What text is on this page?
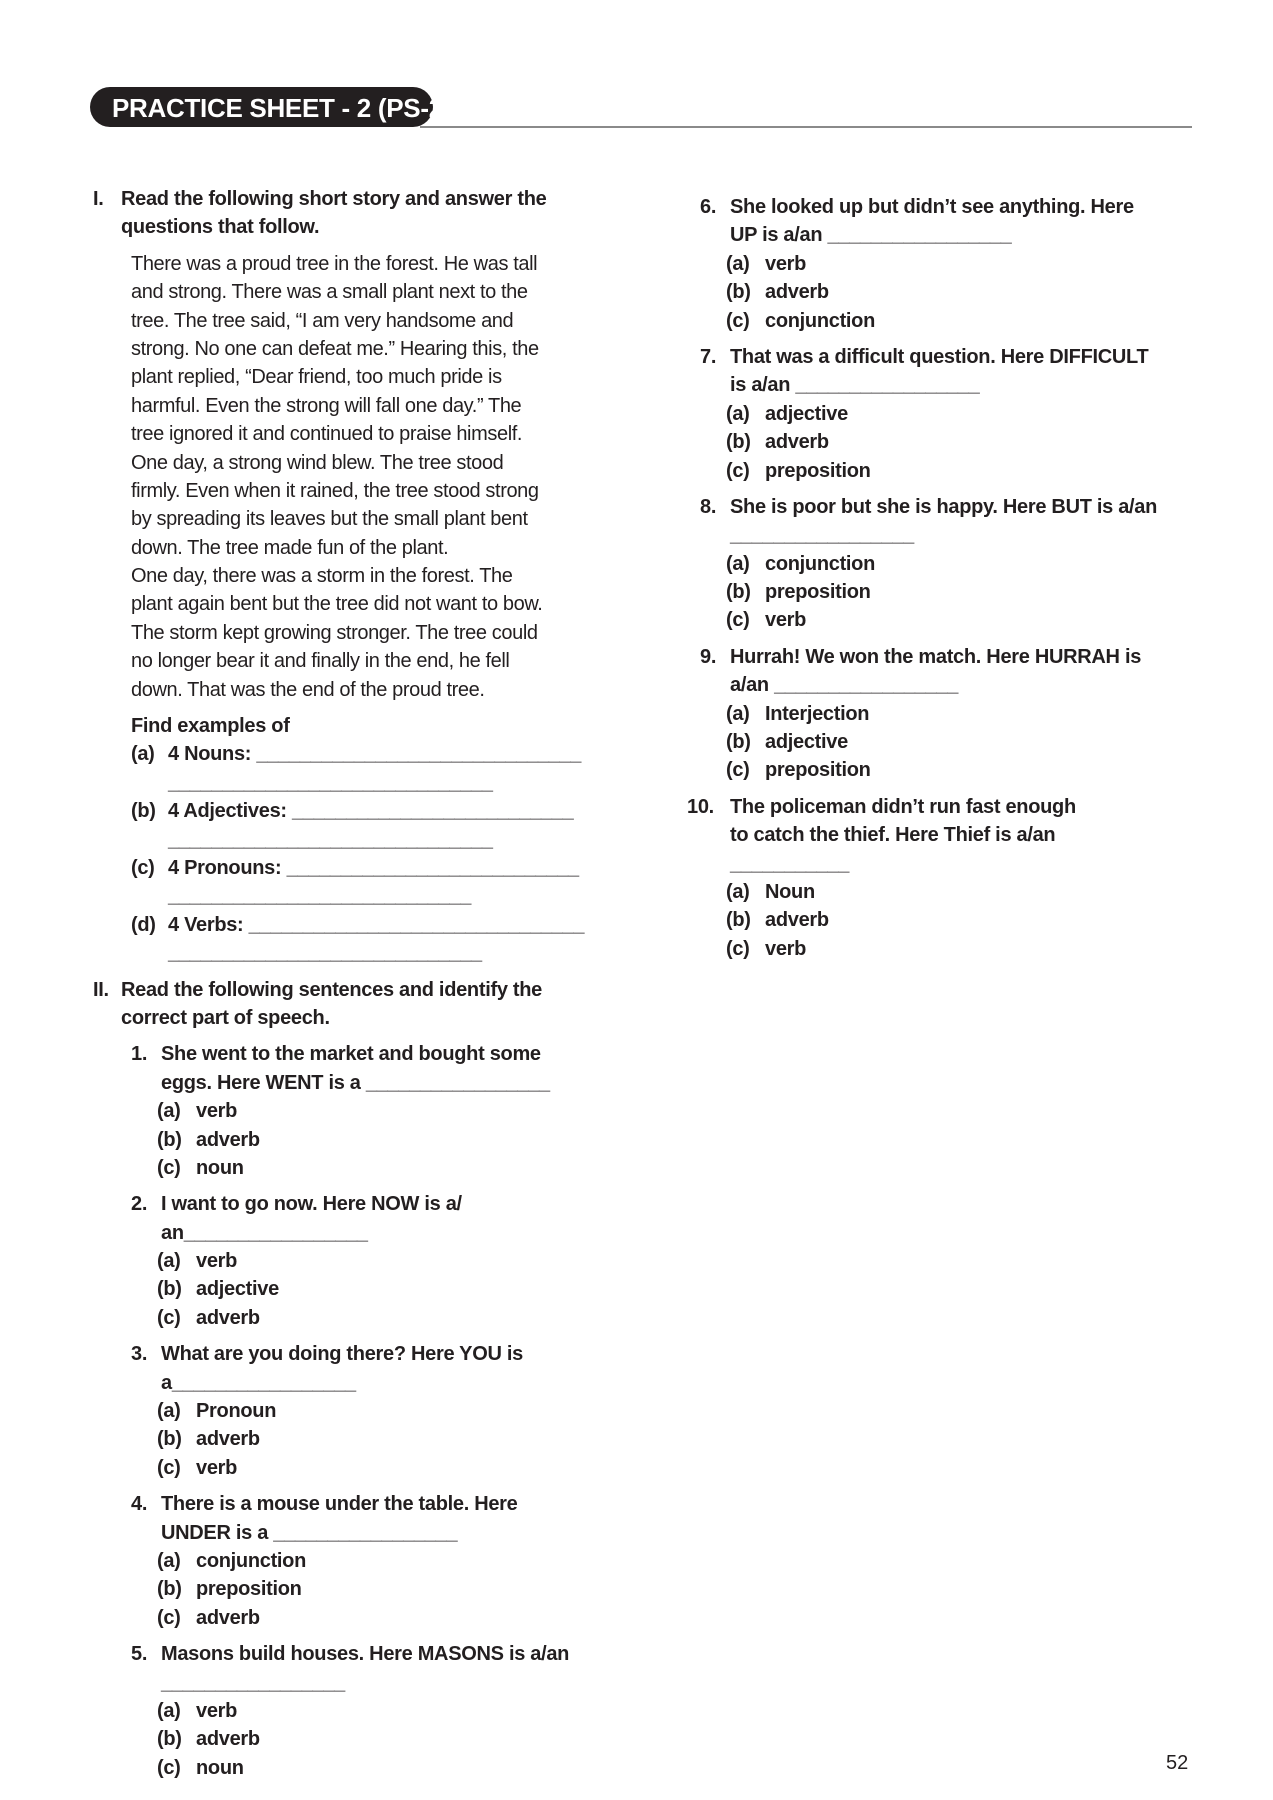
PRACTICE SHEET - 2 (PS-2)
I. Read the following short story and answer the
questions that follow.
There was a proud tree in the forest. He was tall
and strong. There was a small plant next to the
tree. The tree said, “I am very handsome and
strong. No one can defeat me.” Hearing this, the
plant replied, “Dear friend, too much pride is
harmful. Even the strong will fall one day.” The
tree ignored it and continued to praise himself.
One day, a strong wind blew. The tree stood
firmly. Even when it rained, the tree stood strong
by spreading its leaves but the small plant bent
down. The tree made fun of the plant.
One day, there was a storm in the forest. The
plant again bent but the tree did not want to bow.
The storm kept growing stronger. The tree could
no longer bear it and finally in the end, he fell
down. That was the end of the proud tree.
Find examples of
(a) 4 Nouns: ______________________________
______________________________
(b) 4 Adjectives: __________________________
______________________________
(c) 4 Pronouns: ___________________________
____________________________
(d) 4 Verbs: _______________________________
_____________________________
II. Read the following sentences and identify the
correct part of speech.
1. She went to the market and bought some
eggs. Here WENT is a _________________
(a) verb
(b) adverb
(c) noun
2. I want to go now. Here NOW is a/
an_________________
(a) verb
(b) adjective
(c) adverb
3. What are you doing there? Here YOU is
a_________________
(a) Pronoun
(b) adverb
(c) verb
4. There is a mouse under the table. Here
UNDER is a _________________
(a) conjunction
(b) preposition
(c) adverb
5. Masons build houses. Here MASONS is a/an
_________________
(a) verb
(b) adverb
(c) noun
6. She looked up but didn’t see anything. Here
UP is a/an _________________
(a) verb
(b) adverb
(c) conjunction
7. That was a difficult question. Here DIFFICULT
is a/an _________________
(a) adjective
(b) adverb
(c) preposition
8. She is poor but she is happy. Here BUT is a/an
_________________
(a) conjunction
(b) preposition
(c) verb
9. Hurrah! We won the match. Here HURRAH is
a/an _________________
(a) Interjection
(b) adjective
(c) preposition
10. The policeman didn’t run fast enough
to catch the thief. Here Thief is a/an
___________
(a) Noun
(b) adverb
(c) verb
52
